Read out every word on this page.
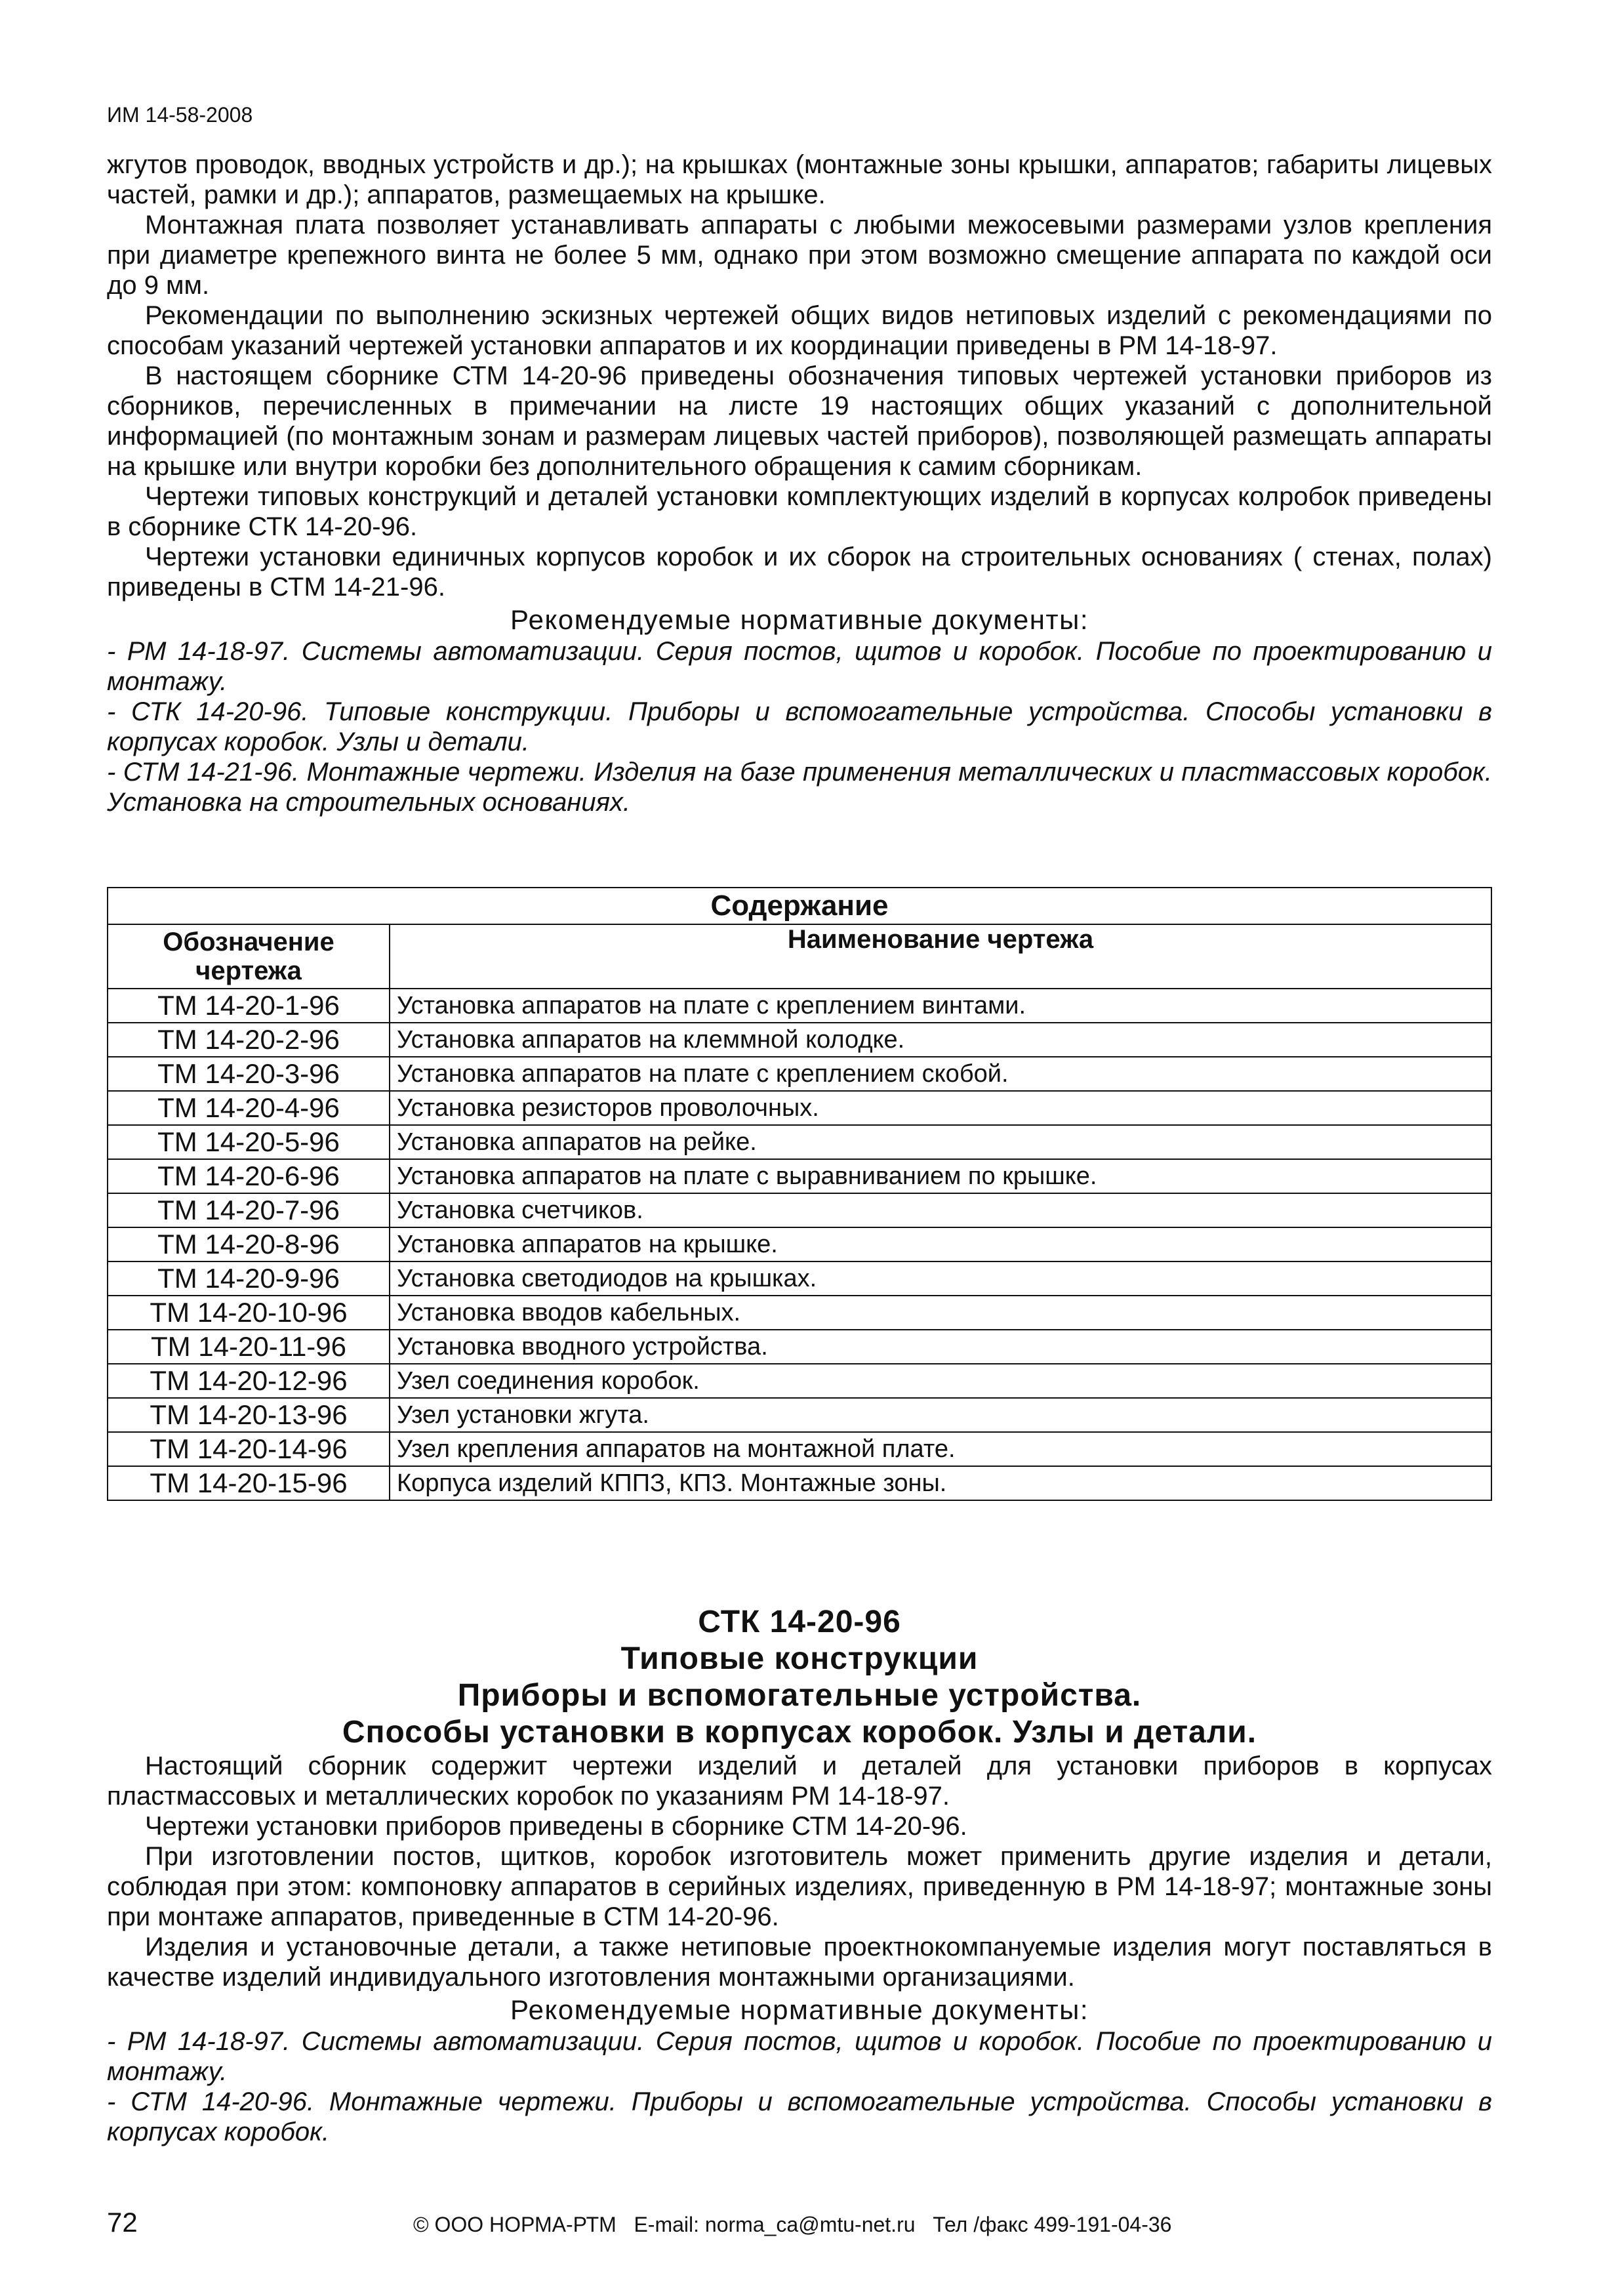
ИМ 14-58-2008

жгутов проводок, вводных устройств и др.); на крышках (монтажные зоны крышки, аппаратов; габариты лицевых частей, рамки и др.); аппаратов, размещаемых на крышке.

Монтажная плата позволяет устанавливать аппараты с любыми межосевыми размерами узлов крепления при диаметре крепежного винта не более 5 мм, однако при этом возможно смещение аппарата по каждой оси до 9 мм.

Рекомендации по выполнению эскизных чертежей общих видов нетиповых изделий с рекомендациями по способам указаний чертежей установки аппаратов и их координации приведены в РМ 14-18-97.

В настоящем сборнике СТМ 14-20-96 приведены обозначения типовых чертежей установки приборов из сборников, перечисленных в примечании на листе 19 настоящих общих указаний с дополнительной информацией (по монтажным зонам и размерам лицевых частей приборов), позволяющей размещать аппараты на крышке или внутри коробки без дополнительного обращения к самим сборникам.

Чертежи типовых конструкций и деталей установки комплектующих изделий в корпусах колробок приведены в сборнике СТК 14-20-96.

Чертежи установки единичных корпусов коробок и их сборок на строительных основаниях ( стенах, полах) приведены в СТМ 14-21-96.

Рекомендуемые нормативные документы:

- РМ 14-18-97. Системы автоматизации. Серия постов, щитов и коробок. Пособие по проектированию и монтажу.

- СТК 14-20-96. Типовые конструкции. Приборы и вспомогательные устройства. Способы установки в корпусах коробок. Узлы и детали.

- СТМ 14-21-96. Монтажные чертежи. Изделия на базе применения металлических и пластмассовых коробок. Установка на строительных основаниях.

Содержание	
Обозначение чертежа	Наименование чертежа
ТМ 14-20-1-96	Установка аппаратов на плате с креплением винтами.
ТМ 14-20-2-96	Установка аппаратов на клеммной колодке.
ТМ 14-20-3-96	Установка аппаратов на плате с креплением скобой.
ТМ 14-20-4-96	Установка резисторов проволочных.
ТМ 14-20-5-96	Установка аппаратов на рейке.
ТМ 14-20-6-96	Установка аппаратов на плате с выравниванием по крышке.
ТМ 14-20-7-96	Установка счетчиков.
ТМ 14-20-8-96	Установка аппаратов на крышке.
ТМ 14-20-9-96	Установка светодиодов на крышках.
ТМ 14-20-10-96	Установка вводов кабельных.
ТМ 14-20-11-96	Установка вводного устройства.
ТМ 14-20-12-96	Узел соединения коробок.
ТМ 14-20-13-96	Узел установки жгута.
ТМ 14-20-14-96	Узел крепления аппаратов на монтажной плате.
ТМ 14-20-15-96	Корпуса изделий КППЗ, КПЗ. Монтажные зоны.
СТК 14-20-96
Типовые конструкции
Приборы и вспомогательные устройства.
Способы установки в корпусах коробок. Узлы и детали.

Настоящий сборник содержит чертежи изделий и деталей для установки приборов в корпусах пластмассовых и металлических коробок по указаниям РМ 14-18-97.

Чертежи установки приборов приведены в сборнике СТМ 14-20-96.

При изготовлении постов, щитков, коробок изготовитель может применить другие изделия и детали, соблюдая при этом: компоновку аппаратов в серийных изделиях, приведенную в РМ 14-18-97; монтажные зоны при монтаже аппаратов, приведенные в СТМ 14-20-96.

Изделия и установочные детали, а также нетиповые проектнокомпануемые изделия могут поставляться в качестве изделий индивидуального изготовления монтажными организациями.

Рекомендуемые нормативные документы:

- РМ 14-18-97. Системы автоматизации. Серия постов, щитов и коробок. Пособие по проектированию и монтажу.

- СТМ 14-20-96. Монтажные чертежи. Приборы и вспомогательные устройства. Способы установки в корпусах коробок.

72	© ООО НОРМА-РТМ E-mail: norma_ca@mtu-net.ru Тел /факс 499-191-04-36
